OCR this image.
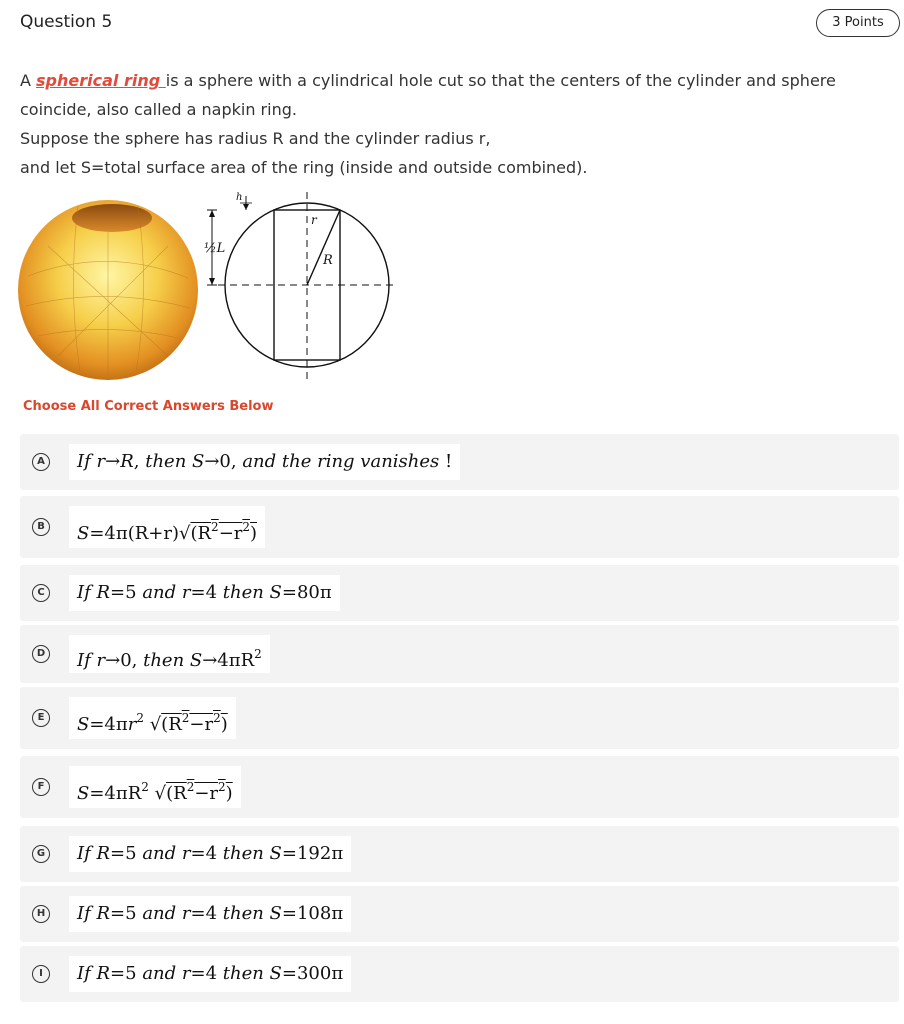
Question 5	3 Points

A spherical ring is a sphere with a cylindrical hole cut so that the centers of the cylinder and sphere coincide, also called a napkin ring.

Suppose the sphere has radius R and the cylinder radius r,

and let S=total surface area of the ring (inside and outside combined).

½L
h
r
R
Choose All Correct Answers Below
A	If r→R, then S→0, and the ring vanishes !
B	$S=4\pi(R+r)√(R^2-r^2)$
C	If R=5 and r=4 then S=80π
D	If r→0, then $S\to 4\pi R^2$
E	$S=4\pi r^2$ $√(R^2-r^2)$
F	$S=4\pi R^2$ $√(R^2-r^2)$
G	If R=5 and r=4 then S=192π
H	If R=5 and r=4 then S=108π
I	If R=5 and r=4 then S=300π
